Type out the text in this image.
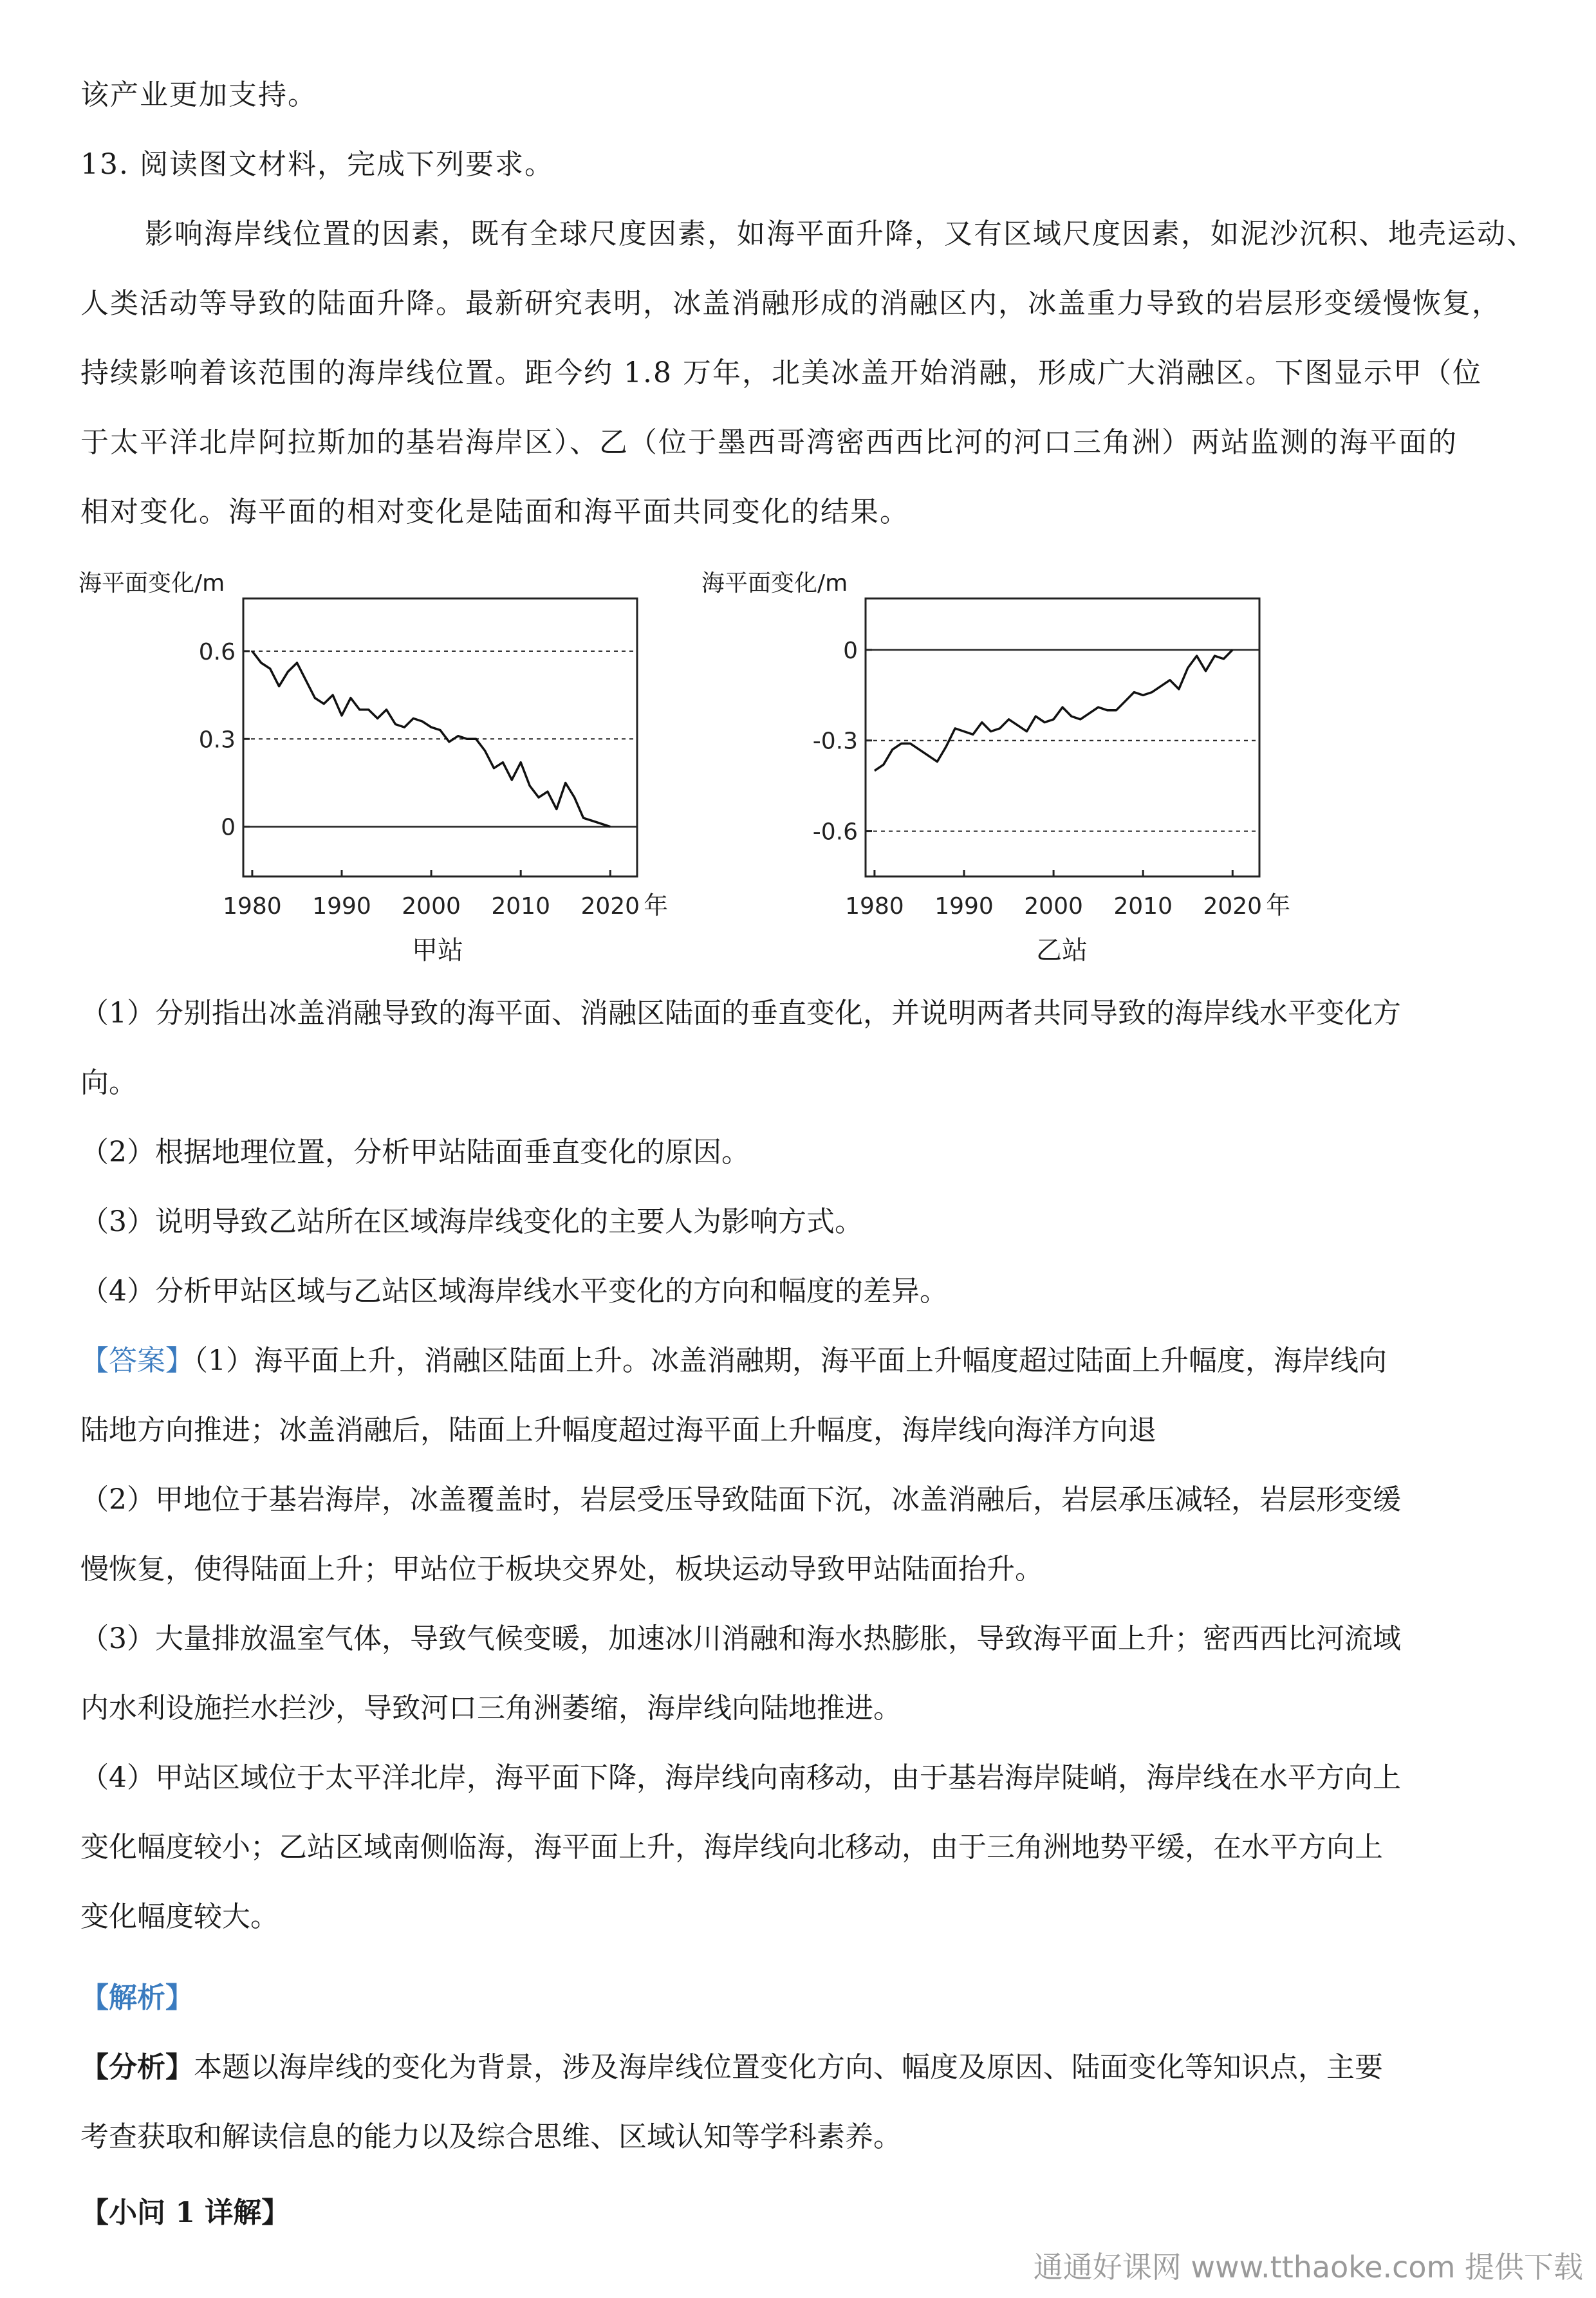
该产业更加支持。
13. 阅读图文材料，完成下列要求。
影响海岸线位置的因素，既有全球尺度因素，如海平面升降，又有区域尺度因素，如泥沙沉积、地壳运动、
人类活动等导致的陆面升降。最新研究表明，冰盖消融形成的消融区内，冰盖重力导致的岩层形变缓慢恢复，
持续影响着该范围的海岸线位置。距今约 1.8 万年，北美冰盖开始消融，形成广大消融区。下图显示甲（位
于太平洋北岸阿拉斯加的基岩海岸区）、乙（位于墨西哥湾密西西比河的河口三角洲）两站监测的海平面的
相对变化。海平面的相对变化是陆面和海平面共同变化的结果。
海平面变化/m
0.6
0.3
0
1980 1990 2000 2010 2020 年
甲站
海平面变化/m
0
-0.3
-0.6
1980 1990 2000 2010 2020 年
乙站
（1）分别指出冰盖消融导致的海平面、消融区陆面的垂直变化，并说明两者共同导致的海岸线水平变化方
向。
（2）根据地理位置，分析甲站陆面垂直变化的原因。
（3）说明导致乙站所在区域海岸线变化的主要人为影响方式。
（4）分析甲站区域与乙站区域海岸线水平变化的方向和幅度的差异。
【答案】（1）海平面上升，消融区陆面上升。冰盖消融期，海平面上升幅度超过陆面上升幅度，海岸线向
陆地方向推进；冰盖消融后，陆面上升幅度超过海平面上升幅度，海岸线向海洋方向退
（2）甲地位于基岩海岸，冰盖覆盖时，岩层受压导致陆面下沉，冰盖消融后，岩层承压减轻，岩层形变缓
慢恢复，使得陆面上升；甲站位于板块交界处，板块运动导致甲站陆面抬升。
（3）大量排放温室气体，导致气候变暖，加速冰川消融和海水热膨胀，导致海平面上升；密西西比河流域
内水利设施拦水拦沙，导致河口三角洲萎缩，海岸线向陆地推进。
（4）甲站区域位于太平洋北岸，海平面下降，海岸线向南移动，由于基岩海岸陡峭，海岸线在水平方向上
变化幅度较小；乙站区域南侧临海，海平面上升，海岸线向北移动，由于三角洲地势平缓，在水平方向上
变化幅度较大。
【解析】
【分析】本题以海岸线的变化为背景，涉及海岸线位置变化方向、幅度及原因、陆面变化等知识点，主要
考查获取和解读信息的能力以及综合思维、区域认知等学科素养。
【小问 1 详解】
通通好课网 www.tthaoke.com 提供下载
